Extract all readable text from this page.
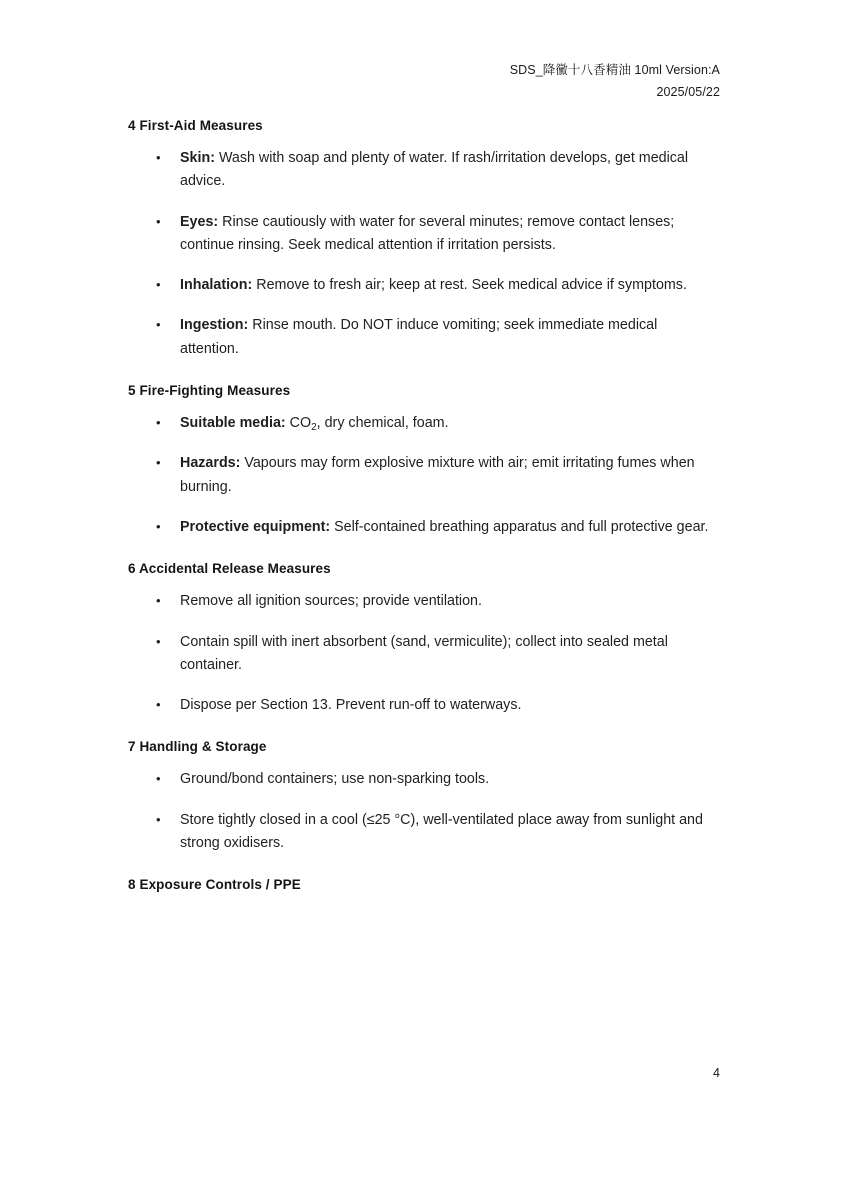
SDS_降黴十八香精油 10ml Version:A
2025/05/22
4 First-Aid Measures
• Skin: Wash with soap and plenty of water. If rash/irritation develops, get medical advice.
• Eyes: Rinse cautiously with water for several minutes; remove contact lenses; continue rinsing. Seek medical attention if irritation persists.
• Inhalation: Remove to fresh air; keep at rest. Seek medical advice if symptoms.
• Ingestion: Rinse mouth. Do NOT induce vomiting; seek immediate medical attention.
5 Fire-Fighting Measures
• Suitable media: $CO_2$, dry chemical, foam.
• Hazards: Vapours may form explosive mixture with air; emit irritating fumes when burning.
• Protective equipment: Self-contained breathing apparatus and full protective gear.
6 Accidental Release Measures
• Remove all ignition sources; provide ventilation.
• Contain spill with inert absorbent (sand, vermiculite); collect into sealed metal container.
• Dispose per Section 13. Prevent run-off to waterways.
7 Handling & Storage
• Ground/bond containers; use non-sparking tools.
• Store tightly closed in a cool (≤25 °C), well-ventilated place away from sunlight and strong oxidisers.
8 Exposure Controls / PPE
4
